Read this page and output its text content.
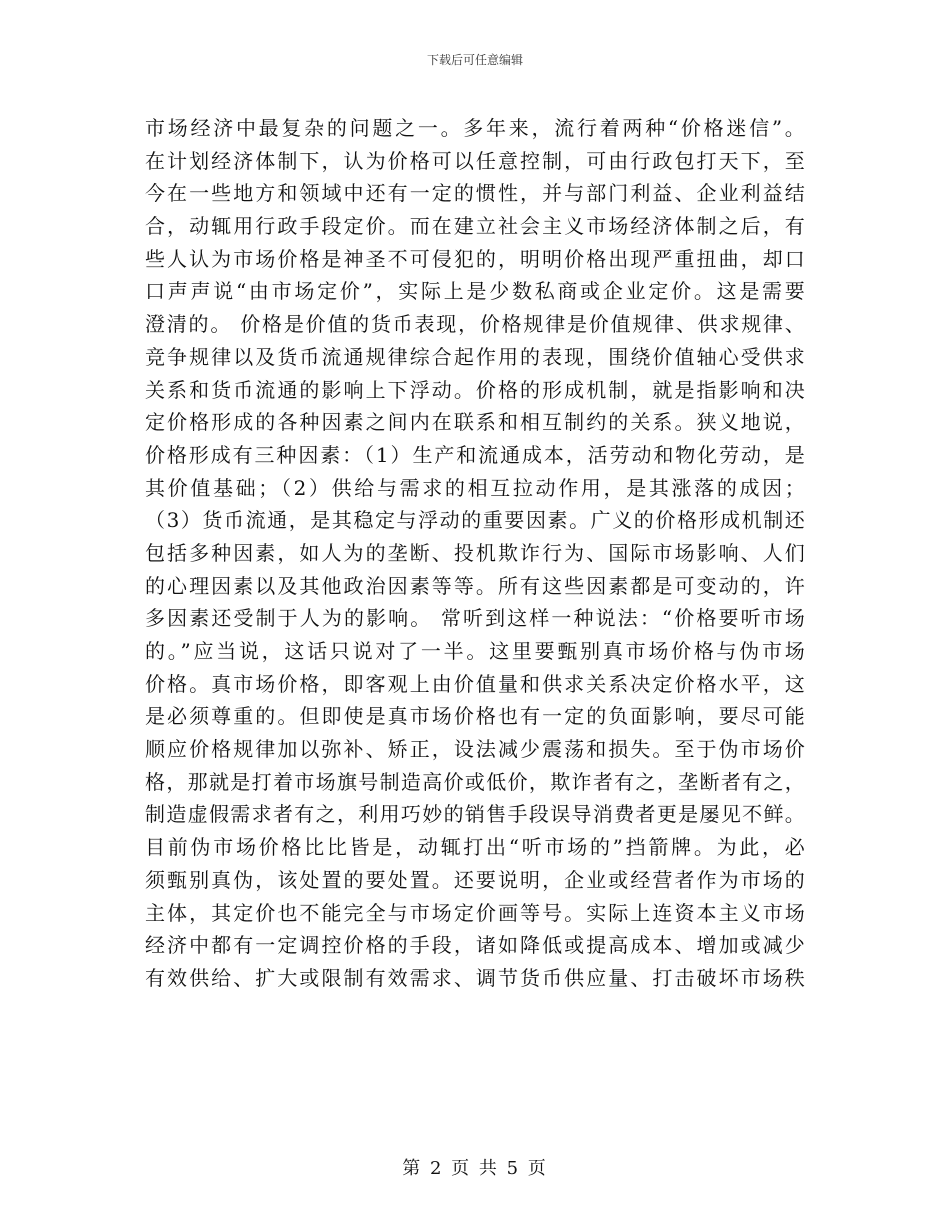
下载后可任意编辑
市场经济中最复杂的问题之一。多年来，流行着两种“价格迷信”。
在计划经济体制下，认为价格可以任意控制，可由行政包打天下，至
今在一些地方和领域中还有一定的惯性，并与部门利益、企业利益结
合，动辄用行政手段定价。而在建立社会主义市场经济体制之后，有
些人认为市场价格是神圣不可侵犯的，明明价格出现严重扭曲，却口
口声声说“由市场定价”，实际上是少数私商或企业定价。这是需要
澄清的。 价格是价值的货币表现，价格规律是价值规律、供求规律、
竞争规律以及货币流通规律综合起作用的表现，围绕价值轴心受供求
关系和货币流通的影响上下浮动。价格的形成机制，就是指影响和决
定价格形成的各种因素之间内在联系和相互制约的关系。狭义地说，
价格形成有三种因素：（1）生产和流通成本，活劳动和物化劳动，是
其价值基础；（2）供给与需求的相互拉动作用，是其涨落的成因；
（3）货币流通，是其稳定与浮动的重要因素。广义的价格形成机制还
包括多种因素，如人为的垄断、投机欺诈行为、国际市场影响、人们
的心理因素以及其他政治因素等等。所有这些因素都是可变动的，许
多因素还受制于人为的影响。 常听到这样一种说法：“价格要听市场
的。”应当说，这话只说对了一半。这里要甄别真市场价格与伪市场
价格。真市场价格，即客观上由价值量和供求关系决定价格水平，这
是必须尊重的。但即使是真市场价格也有一定的负面影响，要尽可能
顺应价格规律加以弥补、矫正，设法减少震荡和损失。至于伪市场价
格，那就是打着市场旗号制造高价或低价，欺诈者有之，垄断者有之，
制造虚假需求者有之，利用巧妙的销售手段误导消费者更是屡见不鲜。
目前伪市场价格比比皆是，动辄打出“听市场的”挡箭牌。为此，必
须甄别真伪，该处置的要处置。还要说明，企业或经营者作为市场的
主体，其定价也不能完全与市场定价画等号。实际上连资本主义市场
经济中都有一定调控价格的手段，诸如降低或提高成本、增加或减少
有效供给、扩大或限制有效需求、调节货币供应量、打击破坏市场秩
第 2 页 共 5 页
